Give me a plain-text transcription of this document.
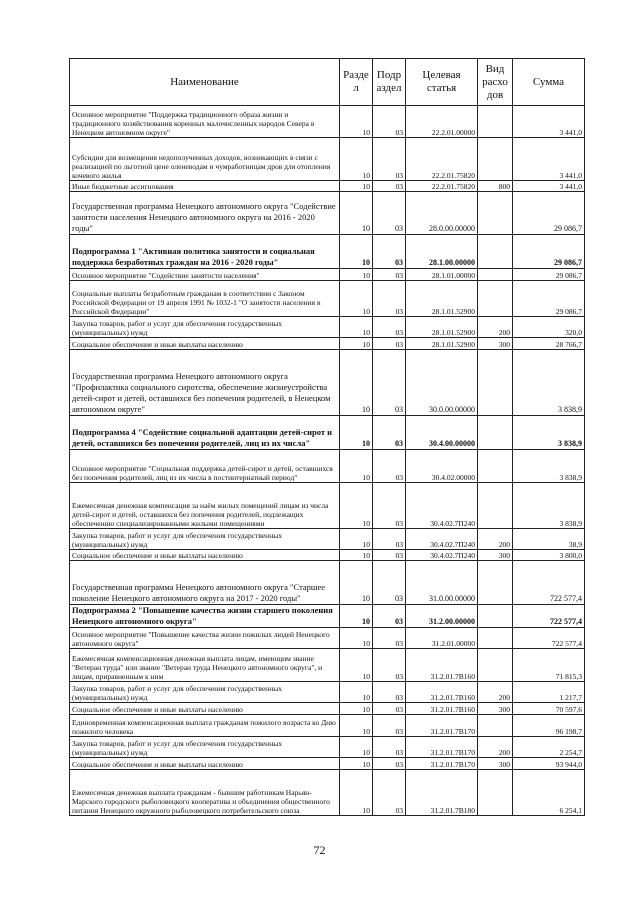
Наименование	Разде л	Подр аздел	Целевая статья	Вид расхо дов	Сумма
Основное мероприятие "Поддержка традиционного образа жизни и традиционного хозяйствования коренных малочисленных народов Севера в Ненецком автономном округе"	10	03	22.2.01.00000		3 441,0
Субсидии для возмещения недополученных доходов, возникающих в связи с реализацией по льготной цене оленеводам и чумработницам дров для отопления кочевого жилья	10	03	22.2.01.75820		3 441,0
Иные бюджетные ассигнования	10	03	22.2.01.75820	800	3 441,0
Государственная программа Ненецкого автономного округа "Содействие занятости населения Ненецкого автономного округа на 2016 - 2020 годы"	10	03	28.0.00.00000		29 086,7
Подпрограмма 1 "Активная политика занятости и социальная поддержка безработных граждан на 2016 - 2020 годы"	10	03	28.1.00.00000		29 086,7
Основное мероприятие "Содействие занятости населения"	10	03	28.1.01.00000		29 086,7
Социальные выплаты безработным гражданам в соответствии с Законом Российской Федерации от 19 апреля 1991 № 1032-1 "О занятости населения в Российской Федерации"	10	03	28.1.01.52900		29 086,7
Закупка товаров, работ и услуг для обеспечения государственных (муниципальных) нужд	10	03	28.1.01.52900	200	320,0
Социальное обеспечение и иные выплаты населению	10	03	28.1.01.52900	300	28 766,7
Государственная программа Ненецкого автономного округа "Профилактика социального сиротства, обеспечение жизнеустройства детей-сирот и детей, оставшихся без попечения родителей, в Ненецком автономном округе"	10	03	30.0.00.00000		3 838,9
Подпрограмма 4 "Содействие социальной адаптации детей-сирот и детей, оставшихся без попечения родителей, лиц из их числа"	10	03	30.4.00.00000		3 838,9
Основное мероприятие "Социальная поддержка детей-сирот и детей, оставшихся без попечения родителей, лиц из их числа в постинтернатный период"	10	03	30.4.02.00000		3 838,9
Ежемесячная денежная компенсация за наём жилых помещений лицам из числа детей-сирот и детей, оставшихся без попечения родителей, подлежащих обеспечению специализированными жилыми помещениями	10	03	30.4.02.7П240		3 838,9
Закупка товаров, работ и услуг для обеспечения государственных (муниципальных) нужд	10	03	30.4.02.7П240	200	38,9
Социальное обеспечение и иные выплаты населению	10	03	30.4.02.7П240	300	3 800,0
Государственная программа Ненецкого автономного округа "Старшее поколение Ненецкого автономного округа на 2017 - 2020 годы"	10	03	31.0.00.00000		722 577,4
Подпрограмма 2 "Повышение качества жизни старшего поколения Ненецкого автономного округа"	10	03	31.2.00.00000		722 577,4
Основное мероприятие "Повышение качества жизни пожилых людей Ненецкого автономного округа"	10	03	31.2.01.00000		722 577,4
Ежемесячная компенсационная денежная выплата лицам, имеющим звание "Ветеран труда" или звание "Ветеран труда Ненецкого автономного округа", и лицам, приравненным к ним	10	03	31.2.01.7В160		71 815,3
Закупка товаров, работ и услуг для обеспечения государственных (муниципальных) нужд	10	03	31.2.01.7В160	200	1 217,7
Социальное обеспечение и иные выплаты населению	10	03	31.2.01.7В160	300	70 597,6
Единовременная компенсационная выплата гражданам пожилого возраста ко Дню пожилого человека	10	03	31.2.01.7В170		96 198,7
Закупка товаров, работ и услуг для обеспечения государственных (муниципальных) нужд	10	03	31.2.01.7В170	200	2 254,7
Социальное обеспечение и иные выплаты населению	10	03	31.2.01.7В170	300	93 944,0
Ежемесячная денежная выплата гражданам - бывшим работникам Нарьян-Марского городского рыболовецкого кооператива и объединения общественного питания Ненецкого окружного рыболовецкого потребительского союза	10	03	31.2.01.7В180		6 254,1
72
